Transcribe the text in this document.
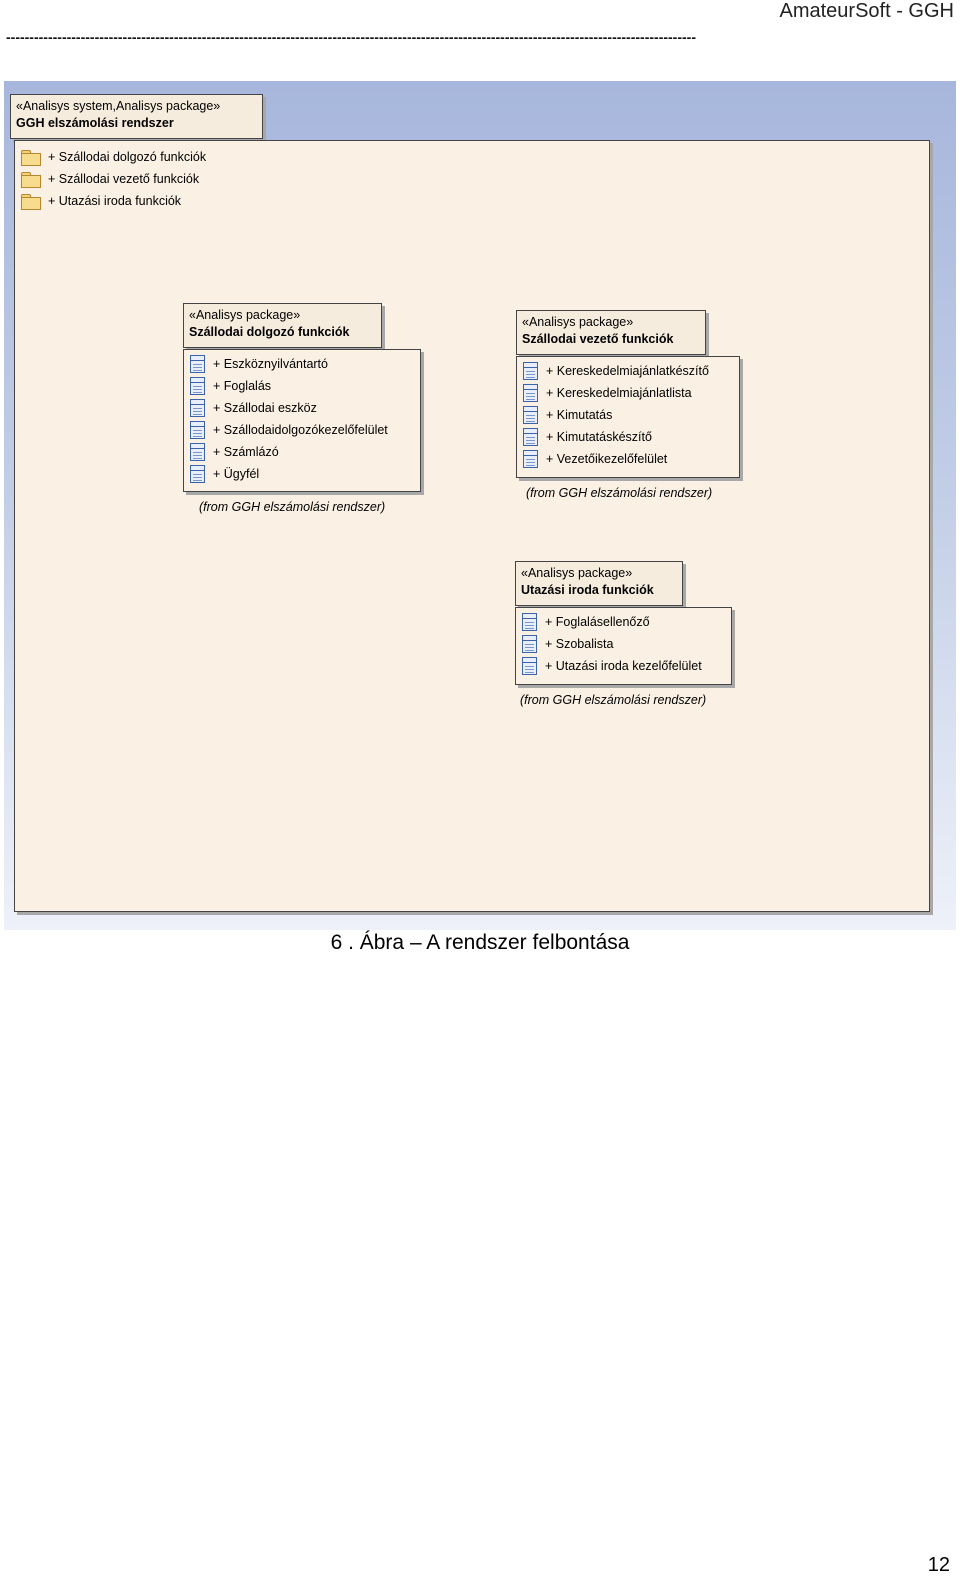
AmateurSoft - GGH
----------------------------------------------------------------------------------------------------------------------------------------------------
«Analisys system,Analisys package»
GGH elszámolási rendszer
+ Szállodai dolgozó funkciók
+ Szállodai vezető funkciók
+ Utazási iroda funkciók
«Analisys package»
Szállodai dolgozó funkciók
+ Eszköznyilvántartó
+ Foglalás
+ Szállodai eszköz
+ Szállodaidolgozókezelőfelület
+ Számlázó
+ Ügyfél
(from GGH elszámolási rendszer)
«Analisys package»
Szállodai vezető funkciók
+ Kereskedelmiajánlatkészítő
+ Kereskedelmiajánlatlista
+ Kimutatás
+ Kimutatáskészítő
+ Vezetőikezelőfelület
(from GGH elszámolási rendszer)
«Analisys package»
Utazási iroda funkciók
+ Foglalásellenőző
+ Szobalista
+ Utazási iroda kezelőfelület
(from GGH elszámolási rendszer)
6 . Ábra – A rendszer felbontása
12
